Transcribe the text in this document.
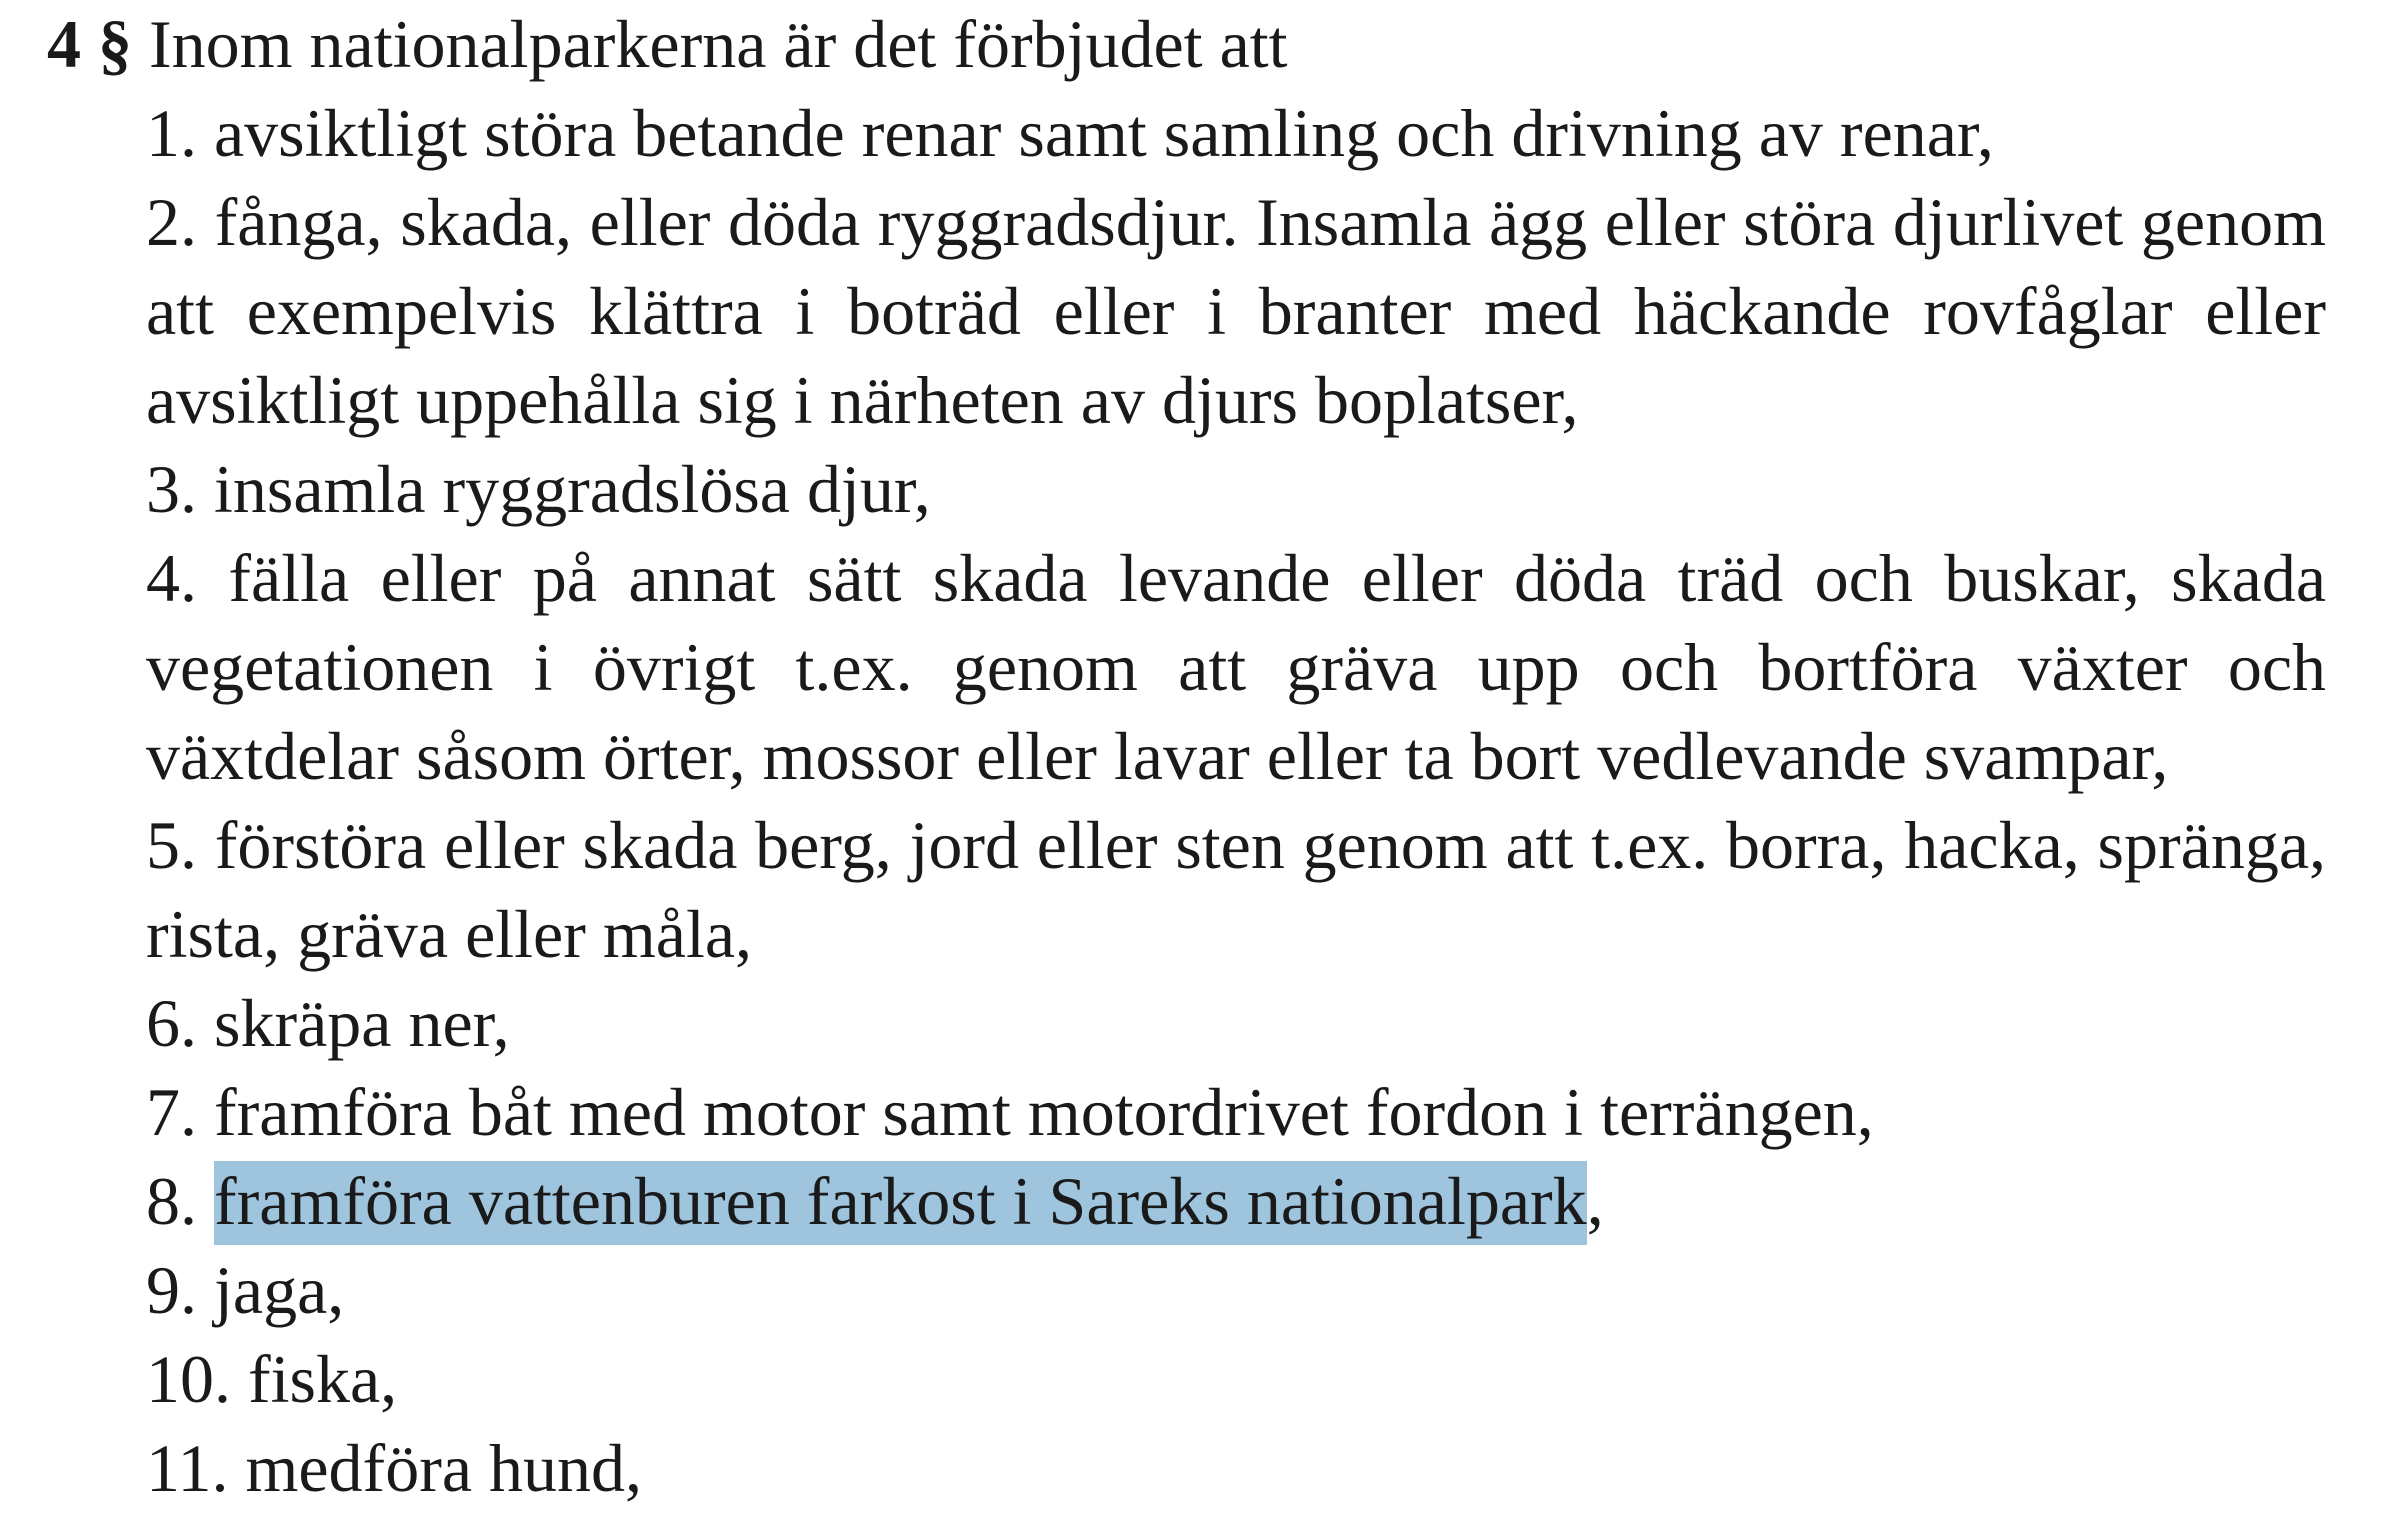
4 § Inom nationalparkerna är det förbjudet att
1. avsiktligt störa betande renar samt samling och drivning av renar,
2. fånga, skada, eller döda ryggradsdjur. Insamla ägg eller störa djurlivet genom att exempelvis klättra i boträd eller i branter med häckande rovfåglar eller avsiktligt uppehålla sig i närheten av djurs boplatser,
3. insamla ryggradslösa djur,
4. fälla eller på annat sätt skada levande eller döda träd och buskar, skada vegetationen i övrigt t.ex. genom att gräva upp och bortföra växter och växtdelar såsom örter, mossor eller lavar eller ta bort vedlevande svampar,
5. förstöra eller skada berg, jord eller sten genom att t.ex. borra, hacka, spränga, rista, gräva eller måla,
6. skräpa ner,
7. framföra båt med motor samt motordrivet fordon i terrängen,
8. framföra vattenburen farkost i Sareks nationalpark,
9. jaga,
10. fiska,
11. medföra hund,
